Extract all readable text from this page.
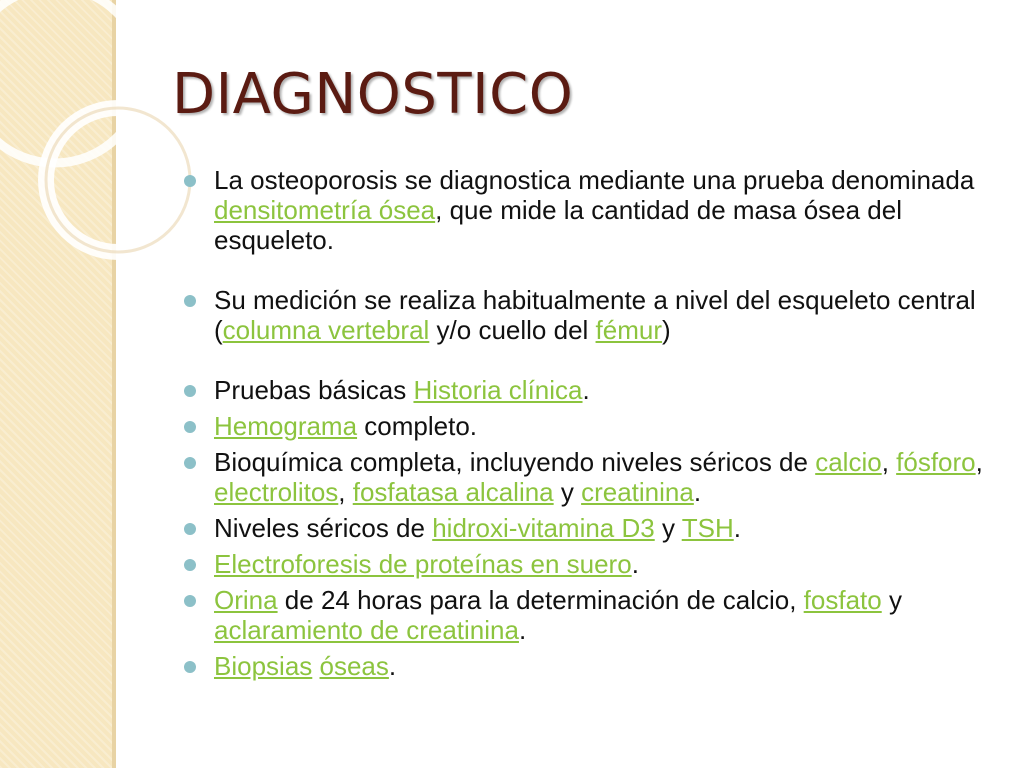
DIAGNOSTICO
La osteoporosis se diagnostica mediante una prueba denominada densitometría ósea, que mide la cantidad de masa ósea del esqueleto.
Su medición se realiza habitualmente a nivel del esqueleto central (columna vertebral y/o cuello del fémur)
Pruebas básicas Historia clínica.
Hemograma completo.
Bioquímica completa, incluyendo niveles séricos de calcio, fósforo, electrolitos, fosfatasa alcalina y creatinina.
Niveles séricos de hidroxi-vitamina D3 y TSH.
Electroforesis de proteínas en suero.
Orina de 24 horas para la determinación de calcio, fosfato y aclaramiento de creatinina.
Biopsias óseas.
